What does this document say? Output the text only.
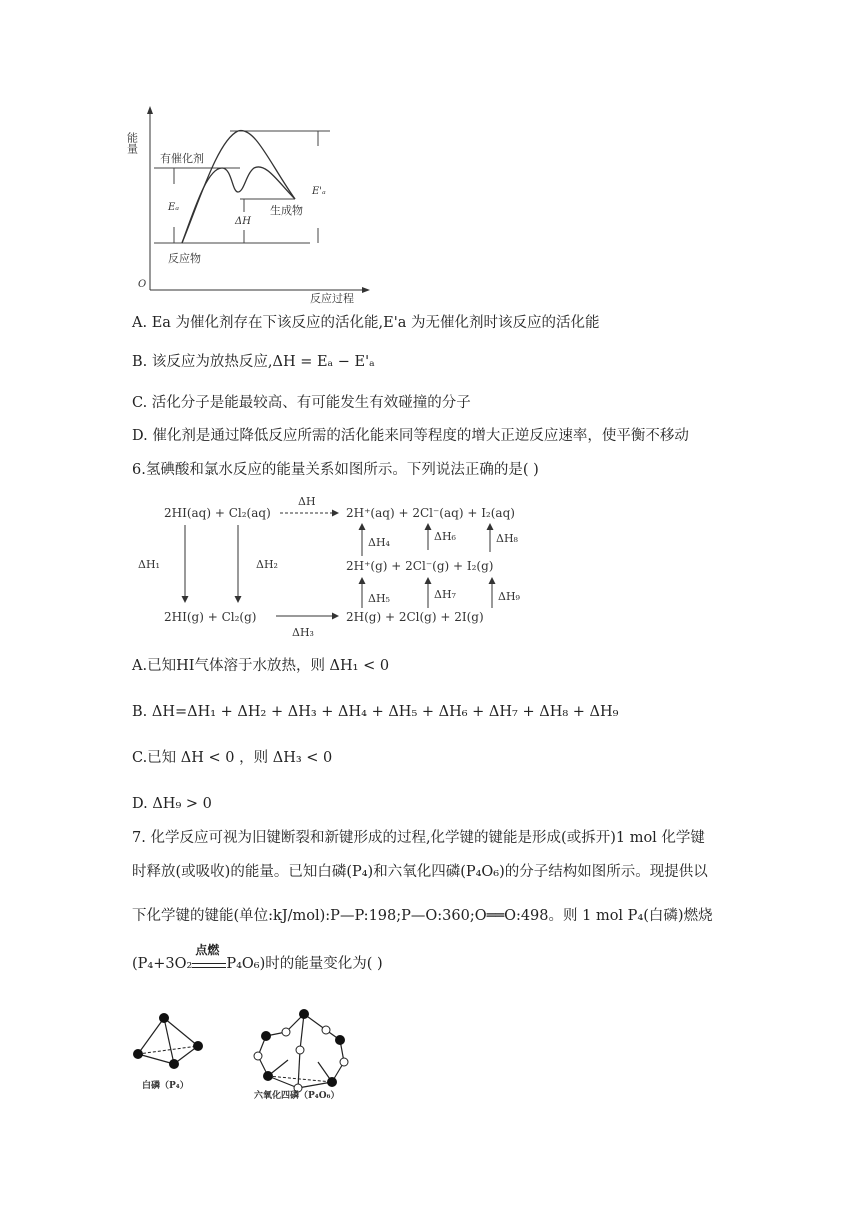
能量
O
反应过程
有催化剂
Eₐ
E'ₐ
ΔH
生成物
反应物
A. Ea 为催化剂存在下该反应的活化能,E'a 为无催化剂时该反应的活化能
B. 该反应为放热反应,ΔH = Eₐ − E'ₐ
C. 活化分子是能最较高、有可能发生有效碰撞的分子
D. 催化剂是通过降低反应所需的活化能来同等程度的增大正逆反应速率，使平衡不移动
6.氢碘酸和氯水反应的能量关系如图所示。下列说法正确的是( )
2HI(aq) + Cl₂(aq)	2H⁺(aq) + 2Cl⁻(aq) + I₂(aq)
2H⁺(g) + 2Cl⁻(g) + I₂(g)
2HI(g) + Cl₂(g)	2H(g) + 2Cl(g) + 2I(g)
ΔH
ΔH₃
ΔH₁	ΔH₂
ΔH₄	ΔH₆	ΔH₈
ΔH₅	ΔH₇	ΔH₉
A.已知HI气体溶于水放热，则 ΔH₁ < 0
B. ΔH=ΔH₁ + ΔH₂ + ΔH₃ + ΔH₄ + ΔH₅ + ΔH₆ + ΔH₇ + ΔH₈ + ΔH₉
C.已知 ΔH < 0 ，则 ΔH₃ < 0
D. ΔH₉ > 0
7. 化学反应可视为旧键断裂和新键形成的过程,化学键的键能是形成(或拆开)1 mol 化学键
时释放(或吸收)的能量。已知白磷(P₄)和六氧化四磷(P₄O₆)的分子结构如图所示。现提供以
下化学键的键能(单位:kJ/mol):P—P:198;P—O:360;O══O:498。则 1 mol P₄(白磷)燃烧
(P₄+3O₂
点燃
P₄O₆)时的能量变化为( )
白磷（P₄）
六氧化四磷（P₄O₆）
